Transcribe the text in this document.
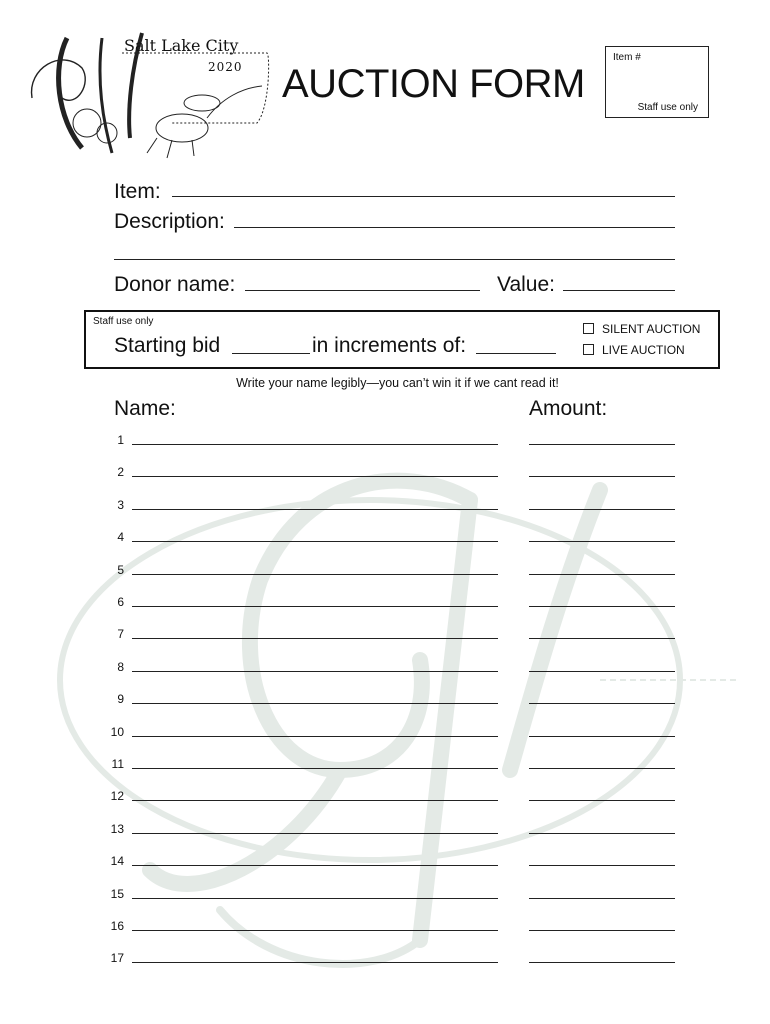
Salt Lake City
2020 AUCTION FORM
Item #
Staff use only
Item:
Description:
Donor name:	Value:
Staff use only
Starting bid	in increments of:
SILENT AUCTION
LIVE AUCTION
Write your name legibly—you can’t win it if we cant read it!
Name:	Amount:
1
2
3
4
5
6
7
8
9
10
11
12
13
14
15
16
17
